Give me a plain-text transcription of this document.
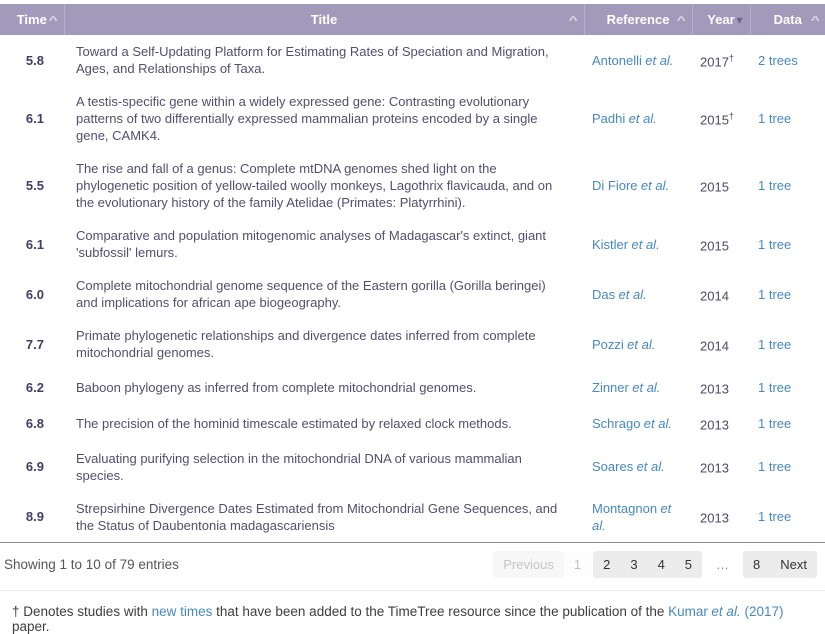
Time ^	Title ^	Reference ^	Year ▾	Data ^

5.8	Toward a Self-Updating Platform for Estimating Rates of Speciation and Migration, Ages, and Relationships of Taxa.	Antonelli et al.	2017†	2 trees
6.1	A testis-specific gene within a widely expressed gene: Contrasting evolutionary patterns of two differentially expressed mammalian proteins encoded by a single gene, CAMK4.	Padhi et al.	2015†	1 tree
5.5	The rise and fall of a genus: Complete mtDNA genomes shed light on the phylogenetic position of yellow-tailed woolly monkeys, Lagothrix flavicauda, and on the evolutionary history of the family Atelidae (Primates: Platyrrhini).	Di Fiore et al.	2015	1 tree
6.1	Comparative and population mitogenomic analyses of Madagascar's extinct, giant 'subfossil' lemurs.	Kistler et al.	2015	1 tree
6.0	Complete mitochondrial genome sequence of the Eastern gorilla (Gorilla beringei) and implications for african ape biogeography.	Das et al.	2014	1 tree
7.7	Primate phylogenetic relationships and divergence dates inferred from complete mitochondrial genomes.	Pozzi et al.	2014	1 tree
6.2	Baboon phylogeny as inferred from complete mitochondrial genomes.	Zinner et al.	2013	1 tree
6.8	The precision of the hominid timescale estimated by relaxed clock methods.	Schrago et al.	2013	1 tree
6.9	Evaluating purifying selection in the mitochondrial DNA of various mammalian species.	Soares et al.	2013	1 tree
8.9	Strepsirhine Divergence Dates Estimated from Mitochondrial Gene Sequences, and the Status of Daubentonia madagascariensis	Montagnon et al.	2013	1 tree
Showing 1 to 10 of 79 entries	Previous	1	2	3	4	5	…	8	Next
† Denotes studies with new times that have been added to the TimeTree resource since the publication of the Kumar et al. (2017) paper.
